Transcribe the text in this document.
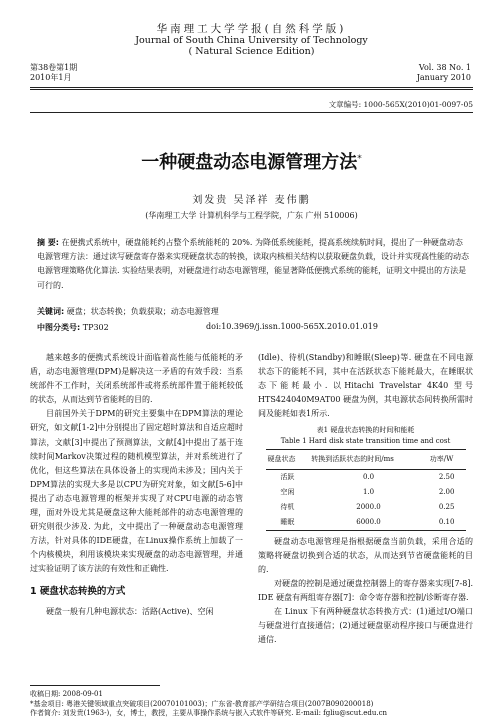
华南理工大学学报(自然科学版)
Journal of South China University of Technology
( Natural Science Edition)
第38卷第1期
2010年1月
Vol. 38 No. 1
January 2010
文章编号: 1000-565X(2010)01-0097-05
一种硬盘动态电源管理方法*
刘发贵 吴泽祥 麦伟鹏
(华南理工大学 计算机科学与工程学院，广东 广州 510006)
摘 要: 在便携式系统中，硬盘能耗约占整个系统能耗的 20%. 为降低系统能耗，提高系统续航时间，提出了一种硬盘动态电源管理方法：通过读写硬盘寄存器来实现硬盘状态的转换，读取内核相关结构以获取硬盘负载，设计并实现高性能的动态电源管理策略优化算法. 实验结果表明，对硬盘进行动态电源管理，能显著降低便携式系统的能耗，证明文中提出的方法是可行的.
关键词: 硬盘；状态转换；负载获取；动态电源管理
中图分类号: TP302	doi:10.3969/j.issn.1000-565X.2010.01.019

越来越多的便携式系统设计面临着高性能与低能耗的矛盾，动态电源管理(DPM)是解决这一矛盾的有效手段：当系统部件不工作时，关闭系统部件或将系统部件置于能耗较低的状态，从而达到节省能耗的目的.

目前国外关于DPM的研究主要集中在DPM算法的理论研究，如文献[1-2]中分别提出了固定超时算法和自适应超时算法，文献[3]中提出了预测算法，文献[4]中提出了基于连续时间Markov决策过程的随机模型算法，并对系统进行了优化，但这些算法在具体设备上的实现尚未涉及；国内关于DPM算法的实现大多是以CPU为研究对象，如文献[5-6]中提出了动态电源管理的框架并实现了对CPU电源的动态管理，面对外设尤其是硬盘这种大能耗部件的动态电源管理的研究则很少涉及. 为此，文中提出了一种硬盘动态电源管理方法，针对具体的IDE硬盘，在Linux操作系统上加载了一个内核模块，利用该模块来实现硬盘的动态电源管理，并通过实验证明了该方法的有效性和正确性.

1 硬盘状态转换的方式

硬盘一般有几种电源状态：活路(Active)、空闲

(Idle)、待机(Standby)和睡眠(Sleep)等. 硬盘在不同电源状态下的能耗不同，其中在活跃状态下能耗最大，在睡眠状态下能耗最小. 以Hitachi Travelstar 4K40 型号 HTS424040M9AT00 硬盘为例，其电源状态间转换所需时间及能耗如表1所示.

表1 硬盘状态转换的时间和能耗
Table 1 Hard disk state transition time and cost
硬盘状态	转换到活跃状态的时间/ms	功率/W
活跃	0.0	2.50
空闲	1.0	2.00
待机	2000.0	0.25
睡眠	6000.0	0.10

硬盘动态电源管理是指根据硬盘当前负载，采用合适的策略将硬盘切换到合适的状态，从而达到节省硬盘能耗的目的.

对硬盘的控制是通过硬盘控制器上的寄存器来实现[7-8]. IDE 硬盘有两组寄存器[7]：命令寄存器和控制/诊断寄存器.

在 Linux 下有两种硬盘状态转换方式：(1)通过I/O端口与硬盘进行直接通信；(2)通过硬盘驱动程序接口与硬盘进行通信.

收稿日期: 2008-09-01
*基金项目: 粤港关键领域重点突破项目(20070101003)；广东省-教育部产学研结合项目(2007B090200018)
作者简介: 刘发贵(1963-)，女，博士，教授，主要从事操作系统与嵌入式软件等研究. E-mail: fgliu@scut.edu.cn
